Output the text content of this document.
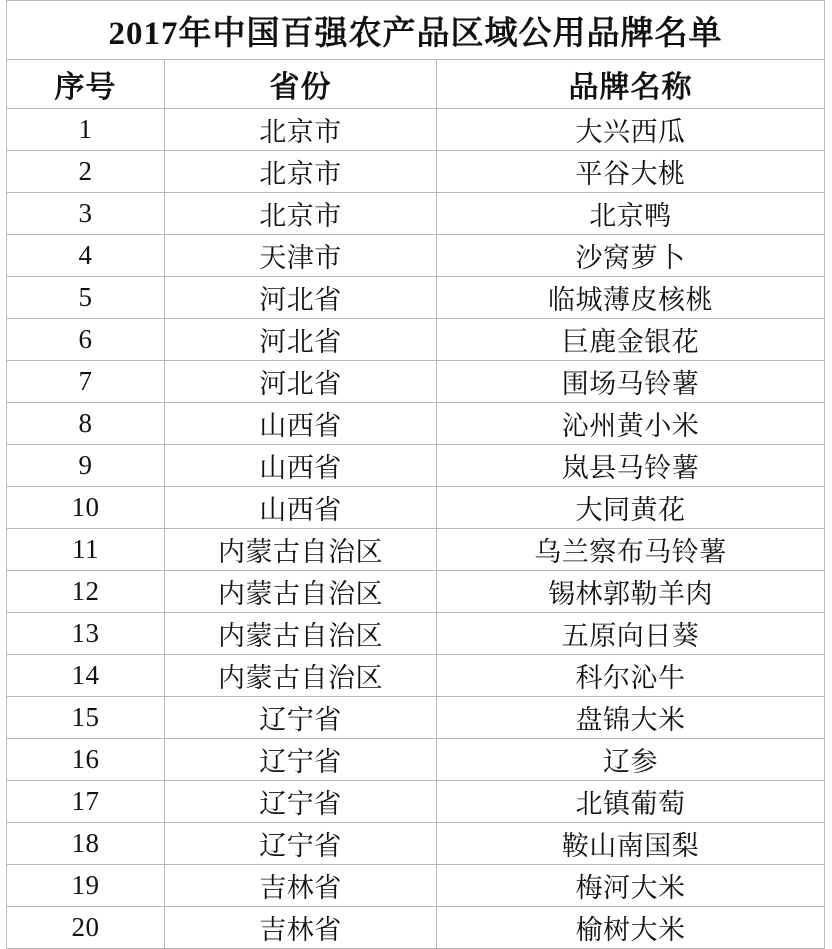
2017年中国百强农产品区域公用品牌名单		
序号	省份	品牌名称
1	北京市	大兴西瓜
2	北京市	平谷大桃
3	北京市	北京鸭
4	天津市	沙窝萝卜
5	河北省	临城薄皮核桃
6	河北省	巨鹿金银花
7	河北省	围场马铃薯
8	山西省	沁州黄小米
9	山西省	岚县马铃薯
10	山西省	大同黄花
11	内蒙古自治区	乌兰察布马铃薯
12	内蒙古自治区	锡林郭勒羊肉
13	内蒙古自治区	五原向日葵
14	内蒙古自治区	科尔沁牛
15	辽宁省	盘锦大米
16	辽宁省	辽参
17	辽宁省	北镇葡萄
18	辽宁省	鞍山南国梨
19	吉林省	梅河大米
20	吉林省	榆树大米
